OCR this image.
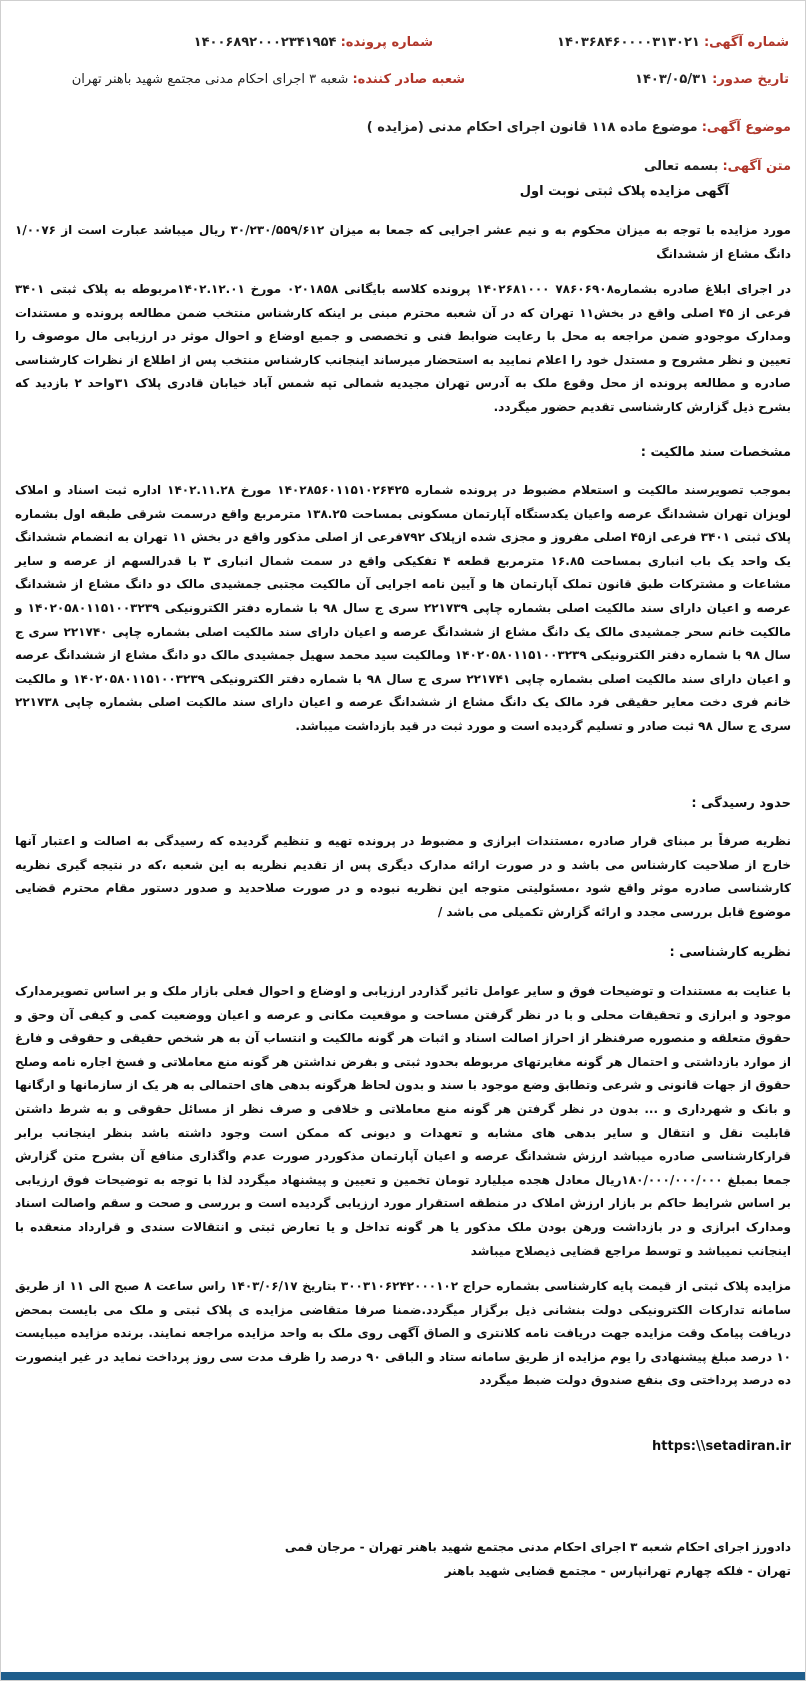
شماره آگهی: ۱۴۰۳۶۸۴۶۰۰۰۰۳۱۳۰۲۱
شماره پرونده: ۱۴۰۰۶۸۹۲۰۰۰۲۳۴۱۹۵۴
تاریخ صدور: ۱۴۰۳/۰۵/۳۱
شعبه صادر کننده: شعبه ۳ اجرای احکام مدنی مجتمع شهید باهنر تهران
موضوع آگهی: موضوع ماده ۱۱۸ قانون اجرای احکام مدنی (مزایده )
متن آگهی: بسمه تعالی
آگهی مزایده پلاک ثبتی نوبت اول
مورد مزایده با توجه به میزان محکوم به و نیم عشر اجرایی که جمعا به میزان ۳۰/۲۳۰/۵۵۹/۶۱۲ ریال میباشد عبارت است از ۱/۰۰۷۶ دانگ مشاع از ششدانگ
در اجرای ابلاغ صادره بشماره۷۸۶۰۶۹۰۸ ۱۴۰۲۶۸۱۰۰۰ پرونده کلاسه بایگانی ۰۲۰۱۸۵۸ مورخ ۱۴۰۲.۱۲.۰۱مربوطه به پلاک ثبتی ۳۴۰۱ فرعی از ۴۵ اصلی واقع در بخش۱۱ تهران که در آن شعبه محترم مبنی بر اینکه کارشناس منتخب ضمن مطالعه پرونده و مستندات ومدارک موجودو ضمن مراجعه به محل با رعایت ضوابط فنی و تخصصی و جمیع اوضاع و احوال موثر در ارزیابی مال موصوف را تعیین و نظر مشروح و مستدل خود را اعلام نمایید به استحضار میرساند اینجانب کارشناس منتخب پس از اطلاع از نظرات کارشناسی صادره و مطالعه پرونده از محل وقوع ملک به آدرس تهران مجیدیه شمالی تپه شمس آباد خیابان قادری پلاک ۳۱واحد ۲ بازدید که بشرح ذیل گزارش کارشناسی تقدیم حضور میگردد.
مشخصات سند مالکیت :
بموجب تصویرسند مالکیت و استعلام مضبوط در پرونده شماره ۱۴۰۲۸۵۶۰۱۱۵۱۰۲۶۴۲۵ مورخ ۱۴۰۲.۱۱.۲۸ اداره ثبت اسناد و املاک لویزان تهران ششدانگ عرصه واعیان یکدستگاه آپارتمان مسکونی بمساحت ۱۳۸.۲۵ مترمربع واقع درسمت شرقی طبقه اول بشماره پلاک ثبتی ۳۴۰۱ فرعی از۴۵ اصلی مفروز و مجزی شده ازپلاک ۷۹۲فرعی از اصلی مذکور واقع در بخش ۱۱ تهران به انضمام ششدانگ یک واحد یک باب انباری بمساحت ۱۶.۸۵ مترمربع قطعه ۴ تفکیکی واقع در سمت شمال انباری ۳ با قدرالسهم از عرصه و سایر مشاعات و مشترکات طبق قانون تملک آپارتمان ها و آیین نامه اجرایی آن مالکیت مجتبی جمشیدی مالک دو دانگ مشاع از ششدانگ عرصه و اعیان دارای سند مالکیت اصلی بشماره چاپی ۲۲۱۷۳۹ سری ج سال ۹۸ با شماره دفتر الکترونیکی ۱۴۰۲۰۵۸۰۱۱۵۱۰۰۳۲۳۹ و مالکیت خانم سحر جمشیدی مالک یک دانگ مشاع از ششدانگ عرصه و اعیان دارای سند مالکیت اصلی بشماره چاپی ۲۲۱۷۴۰ سری ج سال ۹۸ با شماره دفتر الکترونیکی ۱۴۰۲۰۵۸۰۱۱۵۱۰۰۳۲۳۹ ومالکیت سید محمد سهیل جمشیدی مالک دو دانگ مشاع از ششدانگ عرصه و اعیان دارای سند مالکیت اصلی بشماره چاپی ۲۲۱۷۴۱ سری ج سال ۹۸ با شماره دفتر الکترونیکی ۱۴۰۲۰۵۸۰۱۱۵۱۰۰۳۲۳۹ و مالکیت خانم فری دخت معایر حقیقی فرد مالک یک دانگ مشاع از ششدانگ عرصه و اعیان دارای سند مالکیت اصلی بشماره چاپی ۲۲۱۷۳۸ سری ج سال ۹۸ ثبت صادر و تسلیم گردیده است و مورد ثبت در قید بازداشت میباشد.
حدود رسیدگی :
نظریه صرفاً بر مبنای قرار صادره ،مستندات ابرازی و مضبوط در پرونده تهیه و تنظیم گردیده که رسیدگی به اصالت و اعتبار آنها خارج از صلاحیت کارشناس می باشد و در صورت ارائه مدارک دیگری پس از تقدیم نظریه به این شعبه ،که در نتیجه گیری نظریه کارشناسی صادره موثر واقع شود ،مسئولیتی متوجه این نظریه نبوده و در صورت صلاحدید و صدور دستور مقام محترم قضایی موضوع قابل بررسی مجدد و ارائه گزارش تکمیلی می باشد /
نظریه کارشناسی :
با عنایت به مستندات و توضیحات فوق و سایر عوامل تاثیر گذاردر ارزیابی و اوضاع و احوال فعلی بازار ملک و بر اساس تصویرمدارک موجود و ابرازی و تحقیقات محلی و با در نظر گرفتن مساحت و موقعیت مکانی و عرصه و اعیان ووضعیت کمی و کیفی آن وحق و حقوق متعلقه و منصوره صرفنظر از احراز اصالت اسناد و اثبات هر گونه مالکیت و انتساب آن به هر شخص حقیقی و حقوقی و فارغ از موارد بازداشتی و احتمال هر گونه مغایرتهای مربوطه بحدود ثبتی و بفرض نداشتن هر گونه منع معاملاتی و فسخ اجاره نامه وصلح حقوق از جهات قانونی و شرعی وتطابق وضع موجود با سند و بدون لحاظ هرگونه بدهی های احتمالی به هر یک از سازمانها و ارگانها و بانک و شهرداری و ... بدون در نظر گرفتن هر گونه منع معاملاتی و خلافی و صرف نظر از مسائل حقوقی و به شرط داشتن قابلیت نقل و انتقال و سایر بدهی های مشابه و تعهدات و دیونی که ممکن است وجود داشته باشد بنظر اینجانب برابر قرارکارشناسی صادره میباشد ارزش ششدانگ عرصه و اعیان آپارتمان مذکوردر صورت عدم واگذاری منافع آن بشرح متن گزارش جمعا بمبلغ ۱۸۰/۰۰۰/۰۰۰/۰۰۰ریال معادل هجده میلیارد تومان تخمین و تعیین و پیشنهاد میگردد لذا با توجه به توضیحات فوق ارزیابی بر اساس شرایط حاکم بر بازار ارزش املاک در منطقه استقرار مورد ارزیابی گردیده است و بررسی و صحت و سقم واصالت اسناد ومدارک ابرازی و در بازداشت ورهن بودن ملک مذکور یا هر گونه تداخل و یا تعارض ثبتی و انتقالات سندی و قرارداد منعقده با اینجانب نمیباشد و توسط مراجع قضایی ذیصلاح میباشد
مزایده پلاک ثبتی از قیمت پایه کارشناسی بشماره حراج ۳۰۰۳۱۰۶۲۴۲۰۰۰۱۰۲ بتاریخ ۱۴۰۳/۰۶/۱۷ راس ساعت ۸ صبح الی ۱۱ از طریق سامانه تدارکات الکترونیکی دولت بنشانی ذیل برگزار میگردد.ضمنا صرفا متقاضی مزایده ی پلاک ثبتی و ملک می بایست بمحض دریافت پیامک وقت مزایده جهت دریافت نامه کلانتری و الصاق آگهی روی ملک به واحد مزایده مراجعه نمایند. برنده مزایده میبایست ۱۰ درصد مبلغ پیشنهادی را یوم مزایده از طریق سامانه ستاد و الباقی ۹۰ درصد را ظرف مدت سی روز پرداخت نماید در غیر اینصورت ده درصد پرداختی وی بنفع صندوق دولت ضبط میگردد
https:\\setadiran.ir
دادورز اجرای احکام شعبه ۳ اجرای احکام مدنی مجتمع شهید باهنر تهران - مرجان فمی
تهران - فلکه چهارم تهرانپارس - مجتمع قضایی شهید باهنر
